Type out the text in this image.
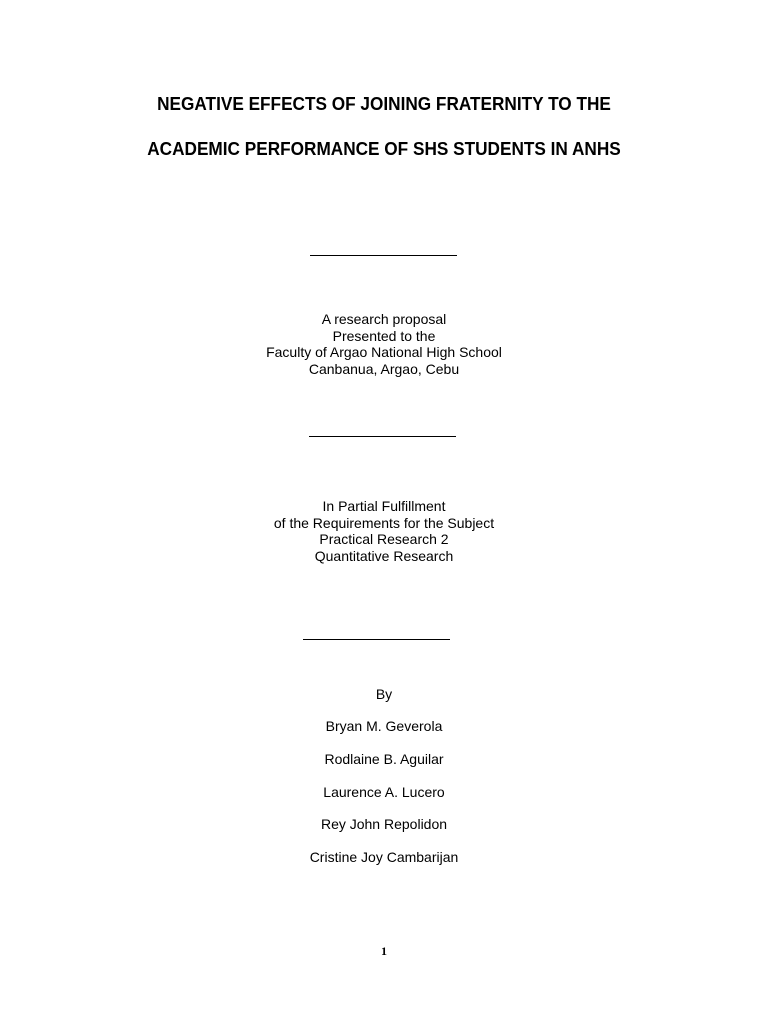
NEGATIVE EFFECTS OF JOINING FRATERNITY TO THE
ACADEMIC PERFORMANCE OF SHS STUDENTS IN ANHS
A research proposal
Presented to the
Faculty of Argao National High School
Canbanua, Argao, Cebu
In Partial Fulfillment
of the Requirements for the Subject
Practical Research 2
Quantitative Research
By
Bryan M. Geverola
Rodlaine B. Aguilar
Laurence A. Lucero
Rey John Repolidon
Cristine Joy Cambarijan
1
